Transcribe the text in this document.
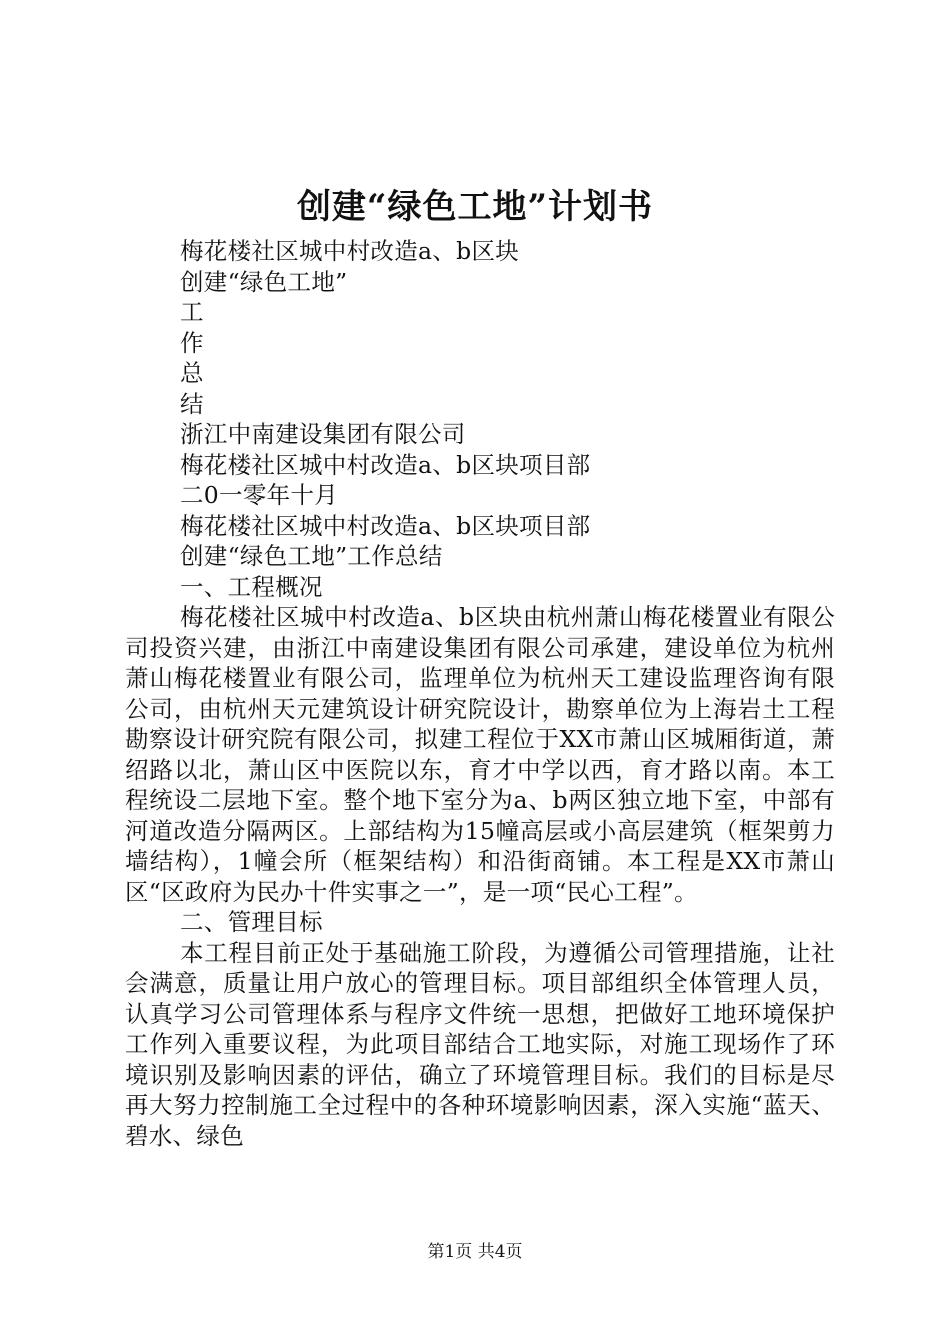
创建“绿色工地”计划书
梅花楼社区城中村改造a、b区块
创建“绿色工地”
工
作
总
结
浙江中南建设集团有限公司
梅花楼社区城中村改造a、b区块项目部
二0一零年十月
梅花楼社区城中村改造a、b区块项目部
创建“绿色工地”工作总结
一、工程概况

梅花楼社区城中村改造a、b区块由杭州萧山梅花楼置业有限公司投资兴建，由浙江中南建设集团有限公司承建，建设单位为杭州萧山梅花楼置业有限公司，监理单位为杭州天工建设监理咨询有限公司，由杭州天元建筑设计研究院设计，勘察单位为上海岩土工程勘察设计研究院有限公司，拟建工程位于XX市萧山区城厢街道，萧绍路以北，萧山区中医院以东，育才中学以西，育才路以南。本工程统设二层地下室。整个地下室分为a、b两区独立地下室，中部有河道改造分隔两区。上部结构为15幢高层或小高层建筑（框架剪力墙结构），1幢会所（框架结构）和沿街商铺。本工程是XX市萧山区“区政府为民办十件实事之一”，是一项“民心工程”。

二、管理目标

本工程目前正处于基础施工阶段，为遵循公司管理措施，让社会满意，质量让用户放心的管理目标。项目部组织全体管理人员，认真学习公司管理体系与程序文件统一思想，把做好工地环境保护工作列入重要议程，为此项目部结合工地实际，对施工现场作了环境识别及影响因素的评估，确立了环境管理目标。我们的目标是尽再大努力控制施工全过程中的各种环境影响因素，深入实施“蓝天、碧水、绿色

第1页 共4页
